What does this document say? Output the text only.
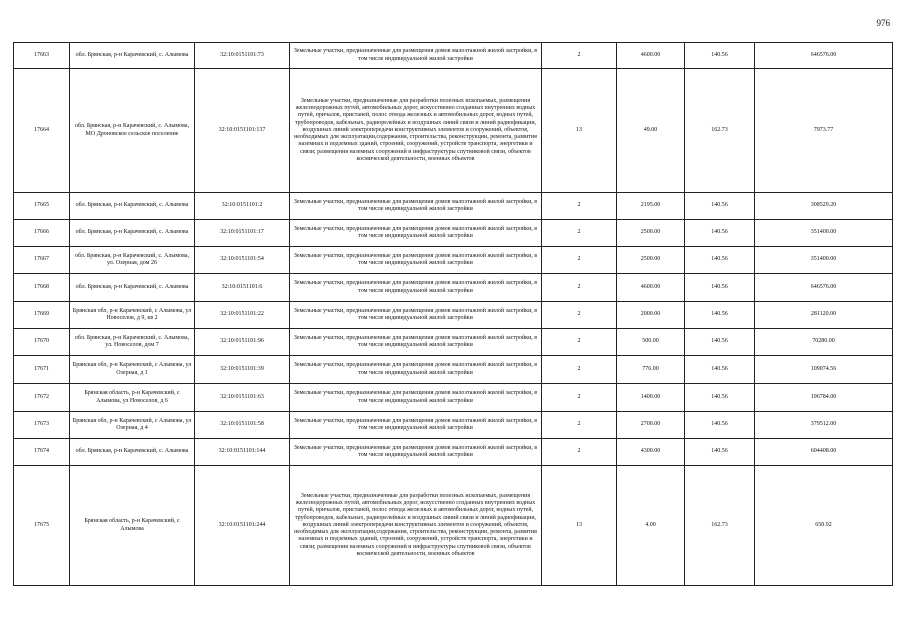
976
17663	обл. Брянская, р-н Карачевский, с. Алымова	32:10:0151101:73	Земельные участки, предназначенные для размещения домов малоэтажной жилой застройки, в том числе индивидуальной жилой застройки	2	4600.00	140.56	646576.00
17664	обл. Брянская, р-н Карачевский, с. Алымова, МО Дроновское сельское поселение	32:10:0151101:137	Земельные участки, предназначенные для разработки полезных ископаемых, размещения железнодорожных путей, автомобильных дорог, искусственно созданных внутренних водных путей, причалов, пристаней, полос отвода железных и автомобильных дорог, водных путей, трубопроводов, кабельных, радиорелейных и воздушных линий связи и линий радиофикации, воздушных линий электропередачи конструктивных элементов и сооружений, объектов, необходимых для эксплуатации,содержания, строительства, реконструкции, ремонта, развития наземных и подземных зданий, строений, сооружений, устройств транспорта, энергетики и связи; размещения наземных сооружений и инфраструктуры спутниковой связи, объектов космической деятельности, военных объектов	13	49.00	162.73	7973.77
17665	обл. Брянская, р-н Карачевский, с. Алымова	32:10:0151101:2	Земельные участки, предназначенные для размещения домов малоэтажной жилой застройки, в том числе индивидуальной жилой застройки	2	2195.00	140.56	308529.20
17666	обл. Брянская, р-н Карачевский, с. Алымова	32:10:0151101:17	Земельные участки, предназначенные для размещения домов малоэтажной жилой застройки, в том числе индивидуальной жилой застройки	2	2500.00	140.56	351400.00
17667	обл. Брянская, р-н Карачевский, с. Алымова, ул. Озерная, дом 26	32:10:0151101:54	Земельные участки, предназначенные для размещения домов малоэтажной жилой застройки, в том числе индивидуальной жилой застройки	2	2500.00	140.56	351400.00
17668	обл. Брянская, р-н Карачевский, с. Алымова	32:10:0151101:6	Земельные участки, предназначенные для размещения домов малоэтажной жилой застройки, в том числе индивидуальной жилой застройки	2	4600.00	140.56	646576.00
17669	Брянская обл, р-н Карачевский, с Алымова, ул Новоселов, д 9, кв 2	32:10:0151101:22	Земельные участки, предназначенные для размещения домов малоэтажной жилой застройки, в том числе индивидуальной жилой застройки	2	2000.00	140.56	281120.00
17670	обл. Брянская, р-н Карачевский, с. Алымова, ул. Новоселов, дом 7	32:10:0151101:96	Земельные участки, предназначенные для размещения домов малоэтажной жилой застройки, в том числе индивидуальной жилой застройки	2	500.00	140.56	70280.00
17671	Брянская обл, р-н Карачевский, с Алымова, ул Озерная, д 1	32:10:0151101:39	Земельные участки, предназначенные для размещения домов малоэтажной жилой застройки, в том числе индивидуальной жилой застройки	2	776.00	140.56	109074.56
17672	Брянская область, р-н Карачевский, с Алымова, ул Новоселов, д 6	32:10:0151101:63	Земельные участки, предназначенные для размещения домов малоэтажной жилой застройки, в том числе индивидуальной жилой застройки	2	1400.00	140.56	196784.00
17673	Брянская обл, р-н Карачевский, с Алымова, ул Озерная, д 4	32:10:0151101:58	Земельные участки, предназначенные для размещения домов малоэтажной жилой застройки, в том числе индивидуальной жилой застройки	2	2700.00	140.56	379512.00
17674	обл. Брянская, р-н Карачевский, с. Алымова	32:10:0151101:144	Земельные участки, предназначенные для размещения домов малоэтажной жилой застройки, в том числе индивидуальной жилой застройки	2	4300.00	140.56	604408.00
17675	Брянская область, р-н Карачевский, с Алымова	32:10:0151101:244	Земельные участки, предназначенные для разработки полезных ископаемых, размещения железнодорожных путей, автомобильных дорог, искусственно созданных внутренних водных путей, причалов, пристаней, полос отвода железных и автомобильных дорог, водных путей, трубопроводов, кабельных, радиорелейных и воздушных линий связи и линий радиофикации, воздушных линий электропередачи конструктивных элементов и сооружений, объектов, необходимых для эксплуатации,содержания, строительства, реконструкции, ремонта, развития наземных и подземных зданий, строений, сооружений, устройств транспорта, энергетики и связи; размещения наземных сооружений и инфраструктуры спутниковой связи, объектов космической деятельности, военных объектов	13	4.00	162.73	650.92
